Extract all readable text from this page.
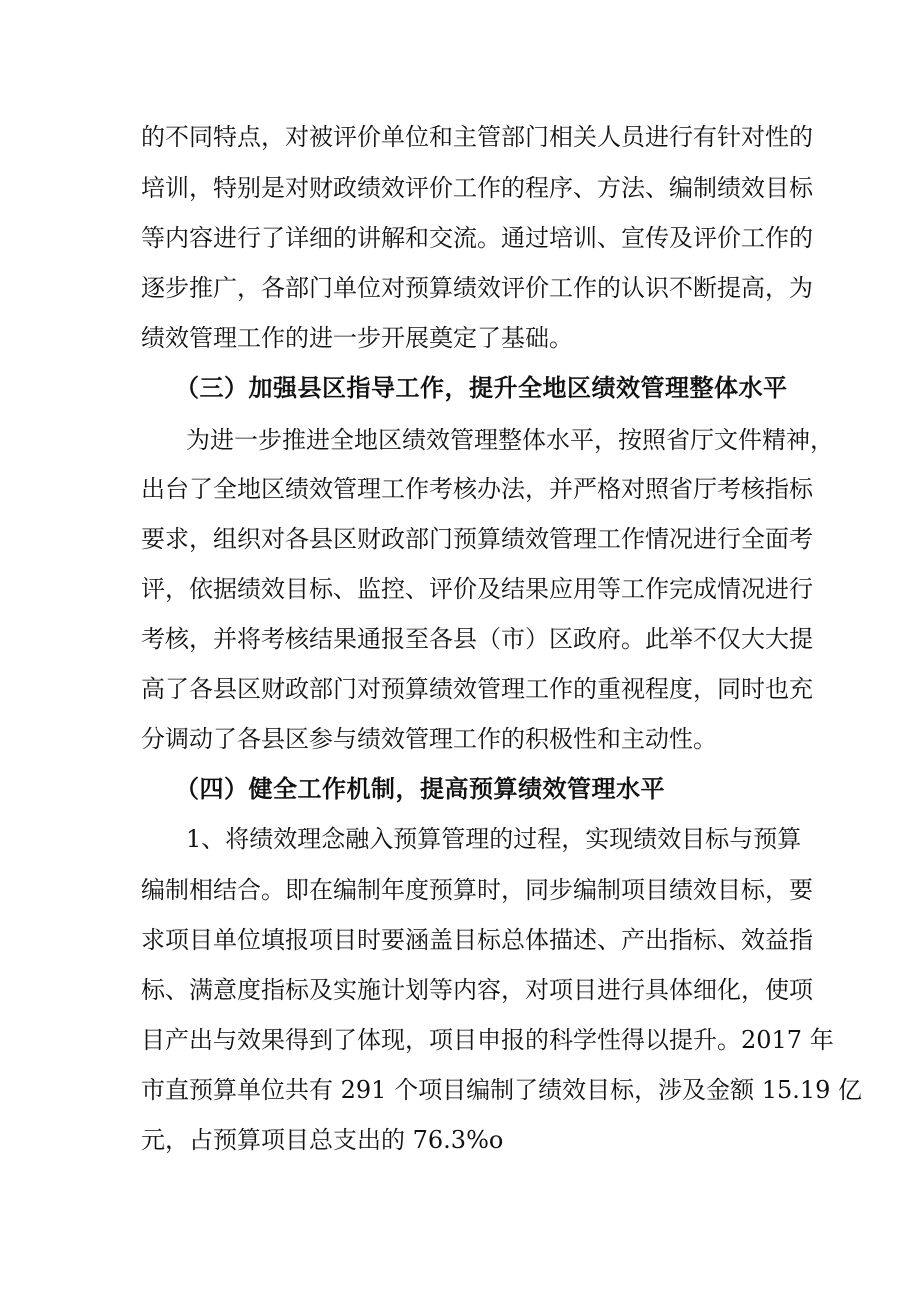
的不同特点，对被评价单位和主管部门相关人员进行有针对性的
培训，特别是对财政绩效评价工作的程序、方法、编制绩效目标
等内容进行了详细的讲解和交流。通过培训、宣传及评价工作的
逐步推广，各部门单位对预算绩效评价工作的认识不断提高，为
绩效管理工作的进一步开展奠定了基础。
（三）加强县区指导工作，提升全地区绩效管理整体水平
为进一步推进全地区绩效管理整体水平，按照省厅文件精神，
出台了全地区绩效管理工作考核办法，并严格对照省厅考核指标
要求，组织对各县区财政部门预算绩效管理工作情况进行全面考
评，依据绩效目标、监控、评价及结果应用等工作完成情况进行
考核，并将考核结果通报至各县（市）区政府。此举不仅大大提
高了各县区财政部门对预算绩效管理工作的重视程度，同时也充
分调动了各县区参与绩效管理工作的积极性和主动性。
（四）健全工作机制，提高预算绩效管理水平
1、将绩效理念融入预算管理的过程，实现绩效目标与预算
编制相结合。即在编制年度预算时，同步编制项目绩效目标，要
求项目单位填报项目时要涵盖目标总体描述、产出指标、效益指
标、满意度指标及实施计划等内容，对项目进行具体细化，使项
目产出与效果得到了体现，项目申报的科学性得以提升。2017 年
市直预算单位共有 291 个项目编制了绩效目标，涉及金额 15.19 亿
元，占预算项目总支出的 76.3%o
